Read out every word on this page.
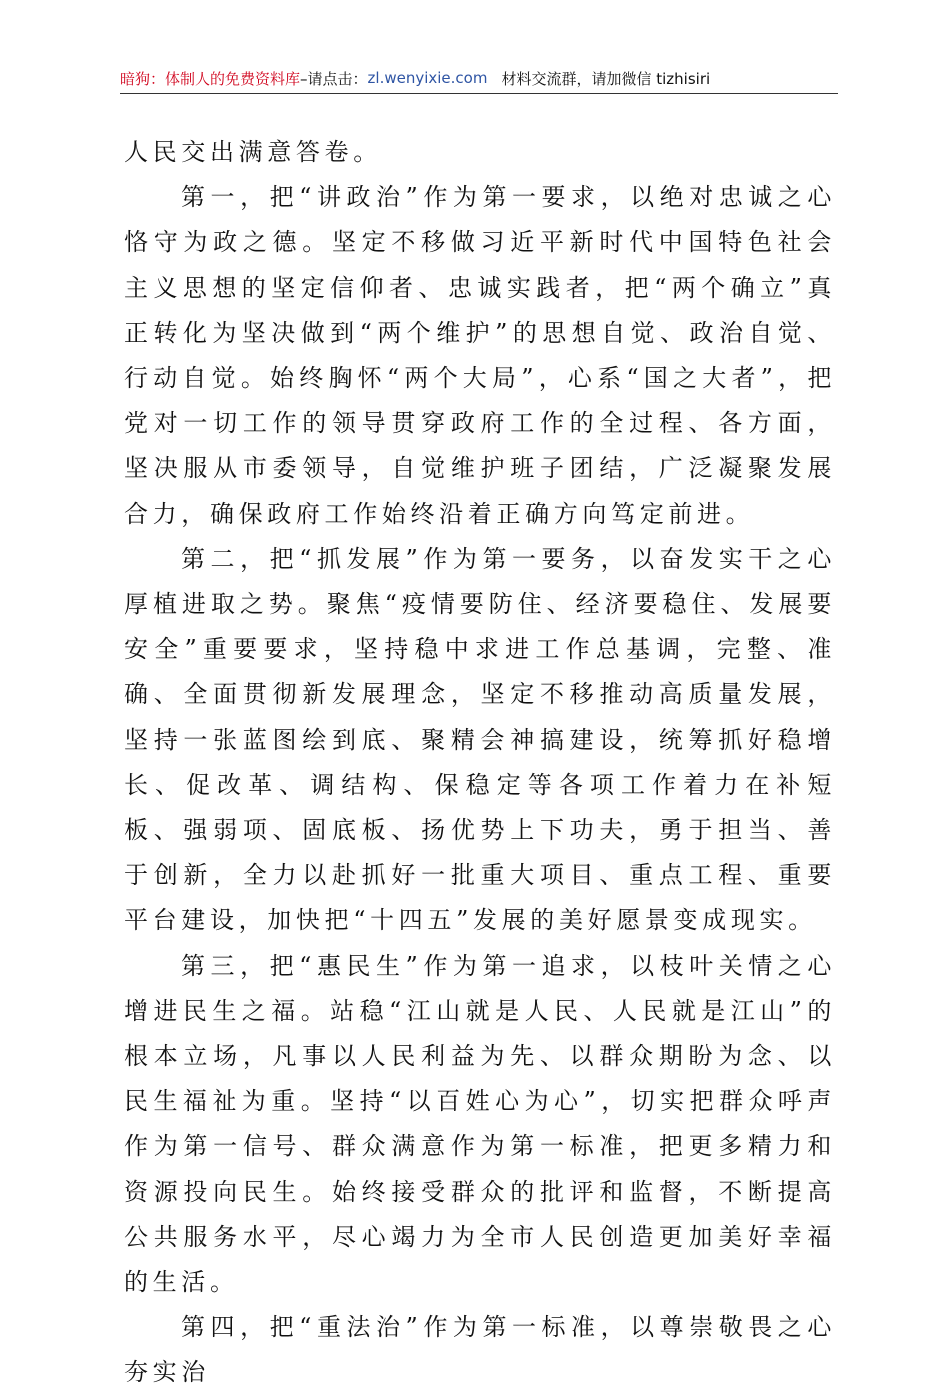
暗狗：体制人的免费资料库 –请点击： zl.wenyixie.com 材料交流群，请加微信 tizhisiri

人民交出满意答卷。

第一，把“讲政治”作为第一要求，以绝对忠诚之心恪守为政之德。坚定不移做习近平新时代中国特色社会主义思想的坚定信仰者、忠诚实践者，把“两个确立”真正转化为坚决做到“两个维护”的思想自觉、政治自觉、行动自觉。始终胸怀“两个大局”，心系“国之大者”，把党对一切工作的领导贯穿政府工作的全过程、各方面，坚决服从市委领导，自觉维护班子团结，广泛凝聚发展合力，确保政府工作始终沿着正确方向笃定前进。

第二，把“抓发展”作为第一要务，以奋发实干之心厚植进取之势。聚焦“疫情要防住、经济要稳住、发展要安全”重要要求，坚持稳中求进工作总基调，完整、准确、全面贯彻新发展理念，坚定不移推动高质量发展，坚持一张蓝图绘到底、聚精会神搞建设，统筹抓好稳增长、促改革、调结构、保稳定等各项工作着力在补短板、强弱项、固底板、扬优势上下功夫，勇于担当、善于创新，全力以赴抓好一批重大项目、重点工程、重要平台建设，加快把“十四五”发展的美好愿景变成现实。

第三，把“惠民生”作为第一追求，以枝叶关情之心增进民生之福。站稳“江山就是人民、人民就是江山”的根本立场，凡事以人民利益为先、以群众期盼为念、以民生福祉为重。坚持“以百姓心为心”，切实把群众呼声作为第一信号、群众满意作为第一标准，把更多精力和资源投向民生。始终接受群众的批评和监督，不断提高公共服务水平，尽心竭力为全市人民创造更加美好幸福的生活。

第四，把“重法治”作为第一标准，以尊崇敬畏之心夯实治
